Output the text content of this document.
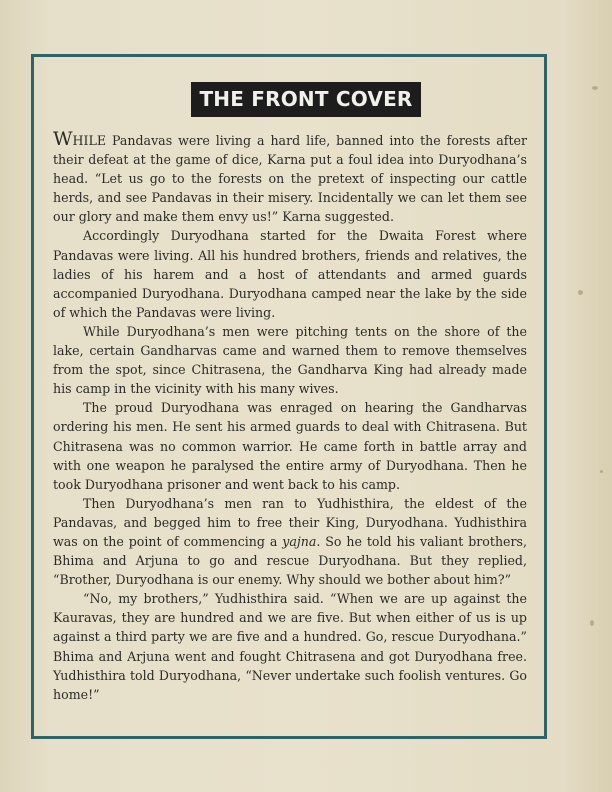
THE FRONT COVER

WHILE Pandavas were living a hard life, banned into the forests after their defeat at the game of dice, Karna put a foul idea into Duryodhana’s head. “Let us go to the forests on the pretext of inspecting our cattle herds, and see Pandavas in their misery. Incidentally we can let them see our glory and make them envy us!” Karna suggested.

Accordingly Duryodhana started for the Dwaita Forest where Pandavas were living. All his hundred brothers, friends and relatives, the ladies of his harem and a host of attendants and armed guards accompanied Duryodhana. Duryodhana camped near the lake by the side of which the Pandavas were living.

While Duryodhana’s men were pitching tents on the shore of the lake, certain Gandharvas came and warned them to remove themselves from the spot, since Chitrasena, the Gandharva King had already made his camp in the vicinity with his many wives.

The proud Duryodhana was enraged on hearing the Gandharvas ordering his men. He sent his armed guards to deal with Chitrasena. But Chitrasena was no common warrior. He came forth in battle array and with one weapon he paralysed the entire army of Duryodhana. Then he took Duryodhana prisoner and went back to his camp.

Then Duryodhana’s men ran to Yudhisthira, the eldest of the Pandavas, and begged him to free their King, Duryodhana. Yudhisthira was on the point of commencing a yajna. So he told his valiant brothers, Bhima and Arjuna to go and rescue Duryodhana. But they replied, “Brother, Duryodhana is our enemy. Why should we bother about him?”

“No, my brothers,” Yudhisthira said. “When we are up against the Kauravas, they are hundred and we are five. But when either of us is up against a third party we are five and a hundred. Go, rescue Duryodhana.” Bhima and Arjuna went and fought Chitrasena and got Duryodhana free. Yudhisthira told Duryodhana, “Never undertake such foolish ventures. Go home!”
